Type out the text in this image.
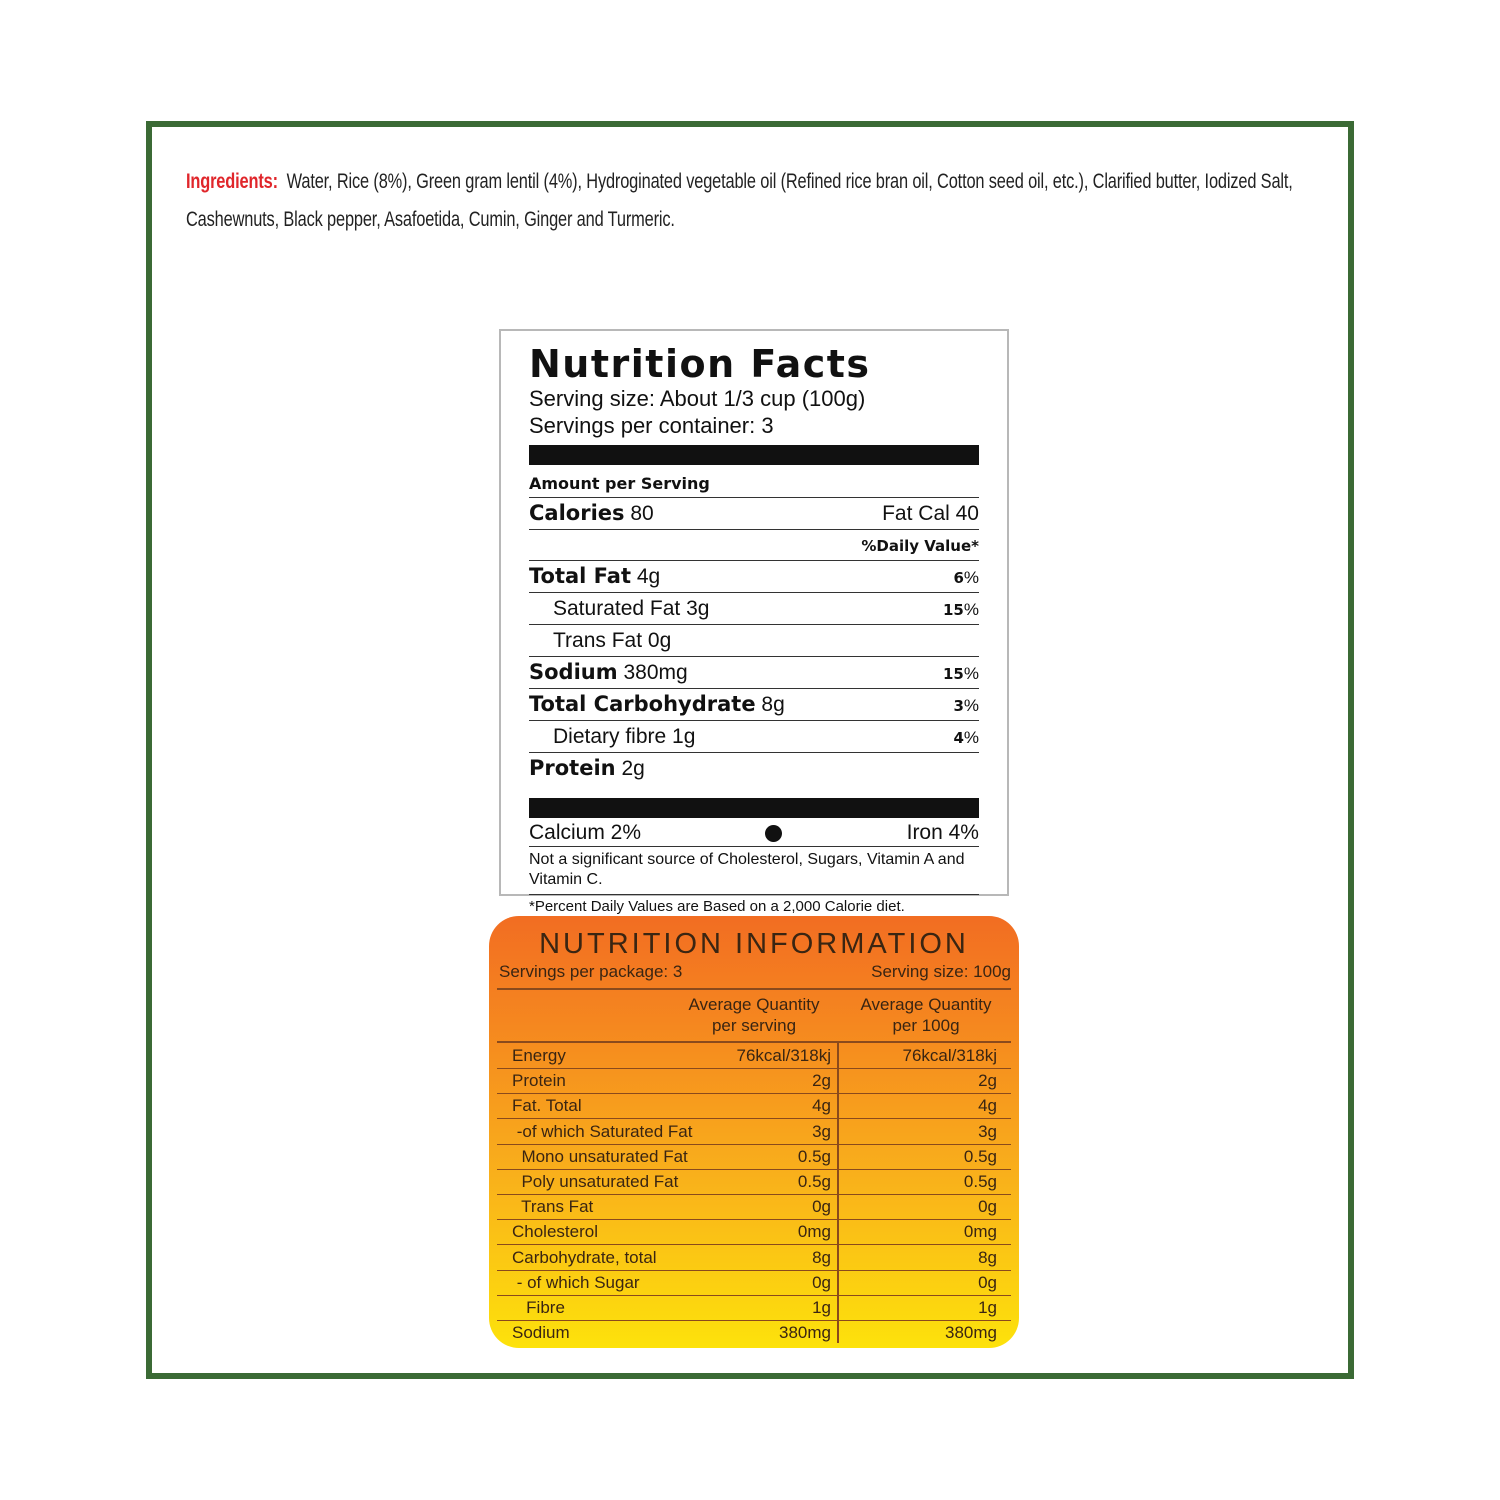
Ingredients: Water, Rice (8%), Green gram lentil (4%), Hydroginated vegetable oil (Refined rice bran oil, Cotton seed oil, etc.), Clarified butter, Iodized Salt,
Cashewnuts, Black pepper, Asafoetida, Cumin, Ginger and Turmeric.
Nutrition Facts
Serving size: About 1/3 cup (100g)
Servings per container: 3
Amount per Serving
Calories 80	Fat Cal 40
%Daily Value*
Total Fat 4g	6%
Saturated Fat 3g	15%
Trans Fat 0g
Sodium 380mg	15%
Total Carbohydrate 8g	3%
Dietary fibre 1g	4%
Protein 2g
Calcium 2%	Iron 4%
Not a significant source of Cholesterol, Sugars, Vitamin A and Vitamin C.
*Percent Daily Values are Based on a 2,000 Calorie diet.
NUTRITION INFORMATION
Servings per package: 3	Serving size: 100g
Average Quantity
per serving
Average Quantity
per 100g
Energy	76kcal/318kj	76kcal/318kj
Protein	2g	2g
Fat. Total	4g	4g
-of which Saturated Fat	3g	3g
Mono unsaturated Fat	0.5g	0.5g
Poly unsaturated Fat	0.5g	0.5g
Trans Fat	0g	0g
Cholesterol	0mg	0mg
Carbohydrate, total	8g	8g
- of which Sugar	0g	0g
Fibre	1g	1g
Sodium	380mg	380mg
